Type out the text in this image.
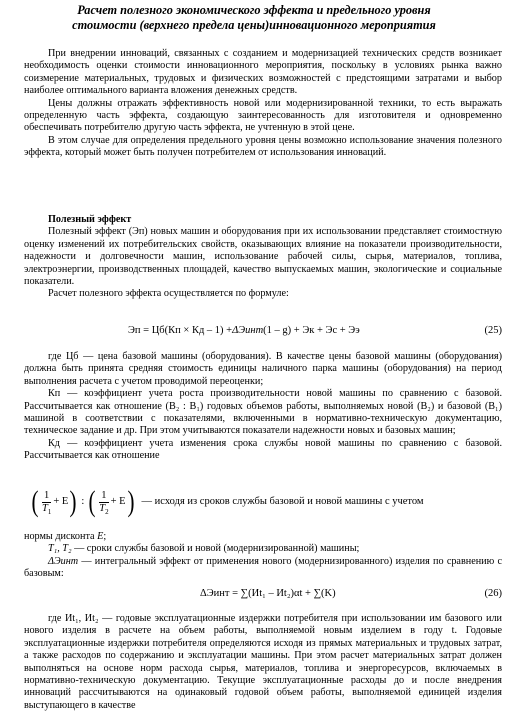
Расчет полезного экономического эффекта и предельного уровня
стоимости (верхнего предела цены)инновационного мероприятия

При внедрении инноваций, связанных с созданием и модернизацией технических средств возникает необходимость оценки стоимости инновационного мероприятия, поскольку в условиях рынка важно соизмерение материальных, трудовых и физических возможностей с предстоящими затратами и выбор наиболее оптимального варианта вложения денежных средств.

Цены должны отражать эффективность новой или модернизированной техники, то есть выражать определенную часть эффекта, создающую заинтересованность для изготовителя и одновременно обеспечивать потребителю другую часть эффекта, не учтенную в этой цене.

В этом случае для определения предельного уровня цены возможно использование значения полезного эффекта, который может быть получен потребителем от использования инноваций.

Полезный эффект

Полезный эффект (Эп) новых машин и оборудования при их использовании представляет стоимостную оценку изменений их потребительских свойств, оказывающих влияние на показатели производительности, надежности и долговечности машин, использование рабочей силы, сырья, материалов, топлива, электроэнергии, производственных площадей, качество выпускаемых машин, экологические и социальные показатели.

Расчет полезного эффекта осуществляется по формуле:

Эп = Цб(Кп × Кд – 1) + ΔЭинт (1 – g) + Эк + Эс + Ээ	(25)

где Цб — цена базовой машины (оборудования). В качестве цены базовой машины (оборудования) должна быть принята средняя стоимость единицы наличного парка машины (оборудования) на период выполнения расчета с учетом проводимой переоценки;

Кп — коэффициент учета роста производительности новой машины по сравнению с базовой. Рассчитывается как отношение (В₂ : В₁) годовых объемов работы, выполняемых новой (В₂) и базовой (В₁) машиной в соответствии с показателями, включенными в нормативно-техническую документацию, техническое задание и др. При этом учитываются показатели надежности новых и базовых машин;

Кд — коэффициент учета изменения срока службы новой машины по сравнению с базовой. Рассчитывается как отношение

( $\frac{1}{T_1} + E$ ) : ( $\frac{1}{T_2} + E$ ) — исходя из сроков службы базовой и новой машины с учетом

нормы дисконта E;

T₁, T₂ — сроки службы базовой и новой (модернизированной) машины;

ΔЭинт — интегральный эффект от применения нового (модернизированного) изделия по сравнению с базовым:

ΔЭинт = ∑(Иt₁ – Иt₂)αt + ∑(K)	(26)

где Иt₁, Иt₂ — годовые эксплуатационные издержки потребителя при использовании им базового или нового изделия в расчете на объем работы, выполняемой новым изделием в году t. Годовые эксплуатационные издержки потребителя определяются исходя из прямых материальных и трудовых затрат, а также расходов по содержанию и эксплуатации машины. При этом расчет материальных затрат должен выполняться на основе норм расхода сырья, материалов, топлива и энергоресурсов, включаемых в нормативно-техническую документацию. Текущие эксплуатационные расходы до и после внедрения инноваций рассчитываются на одинаковый годовой объем работы, выполняемой единицей изделия выступающего в качестве
